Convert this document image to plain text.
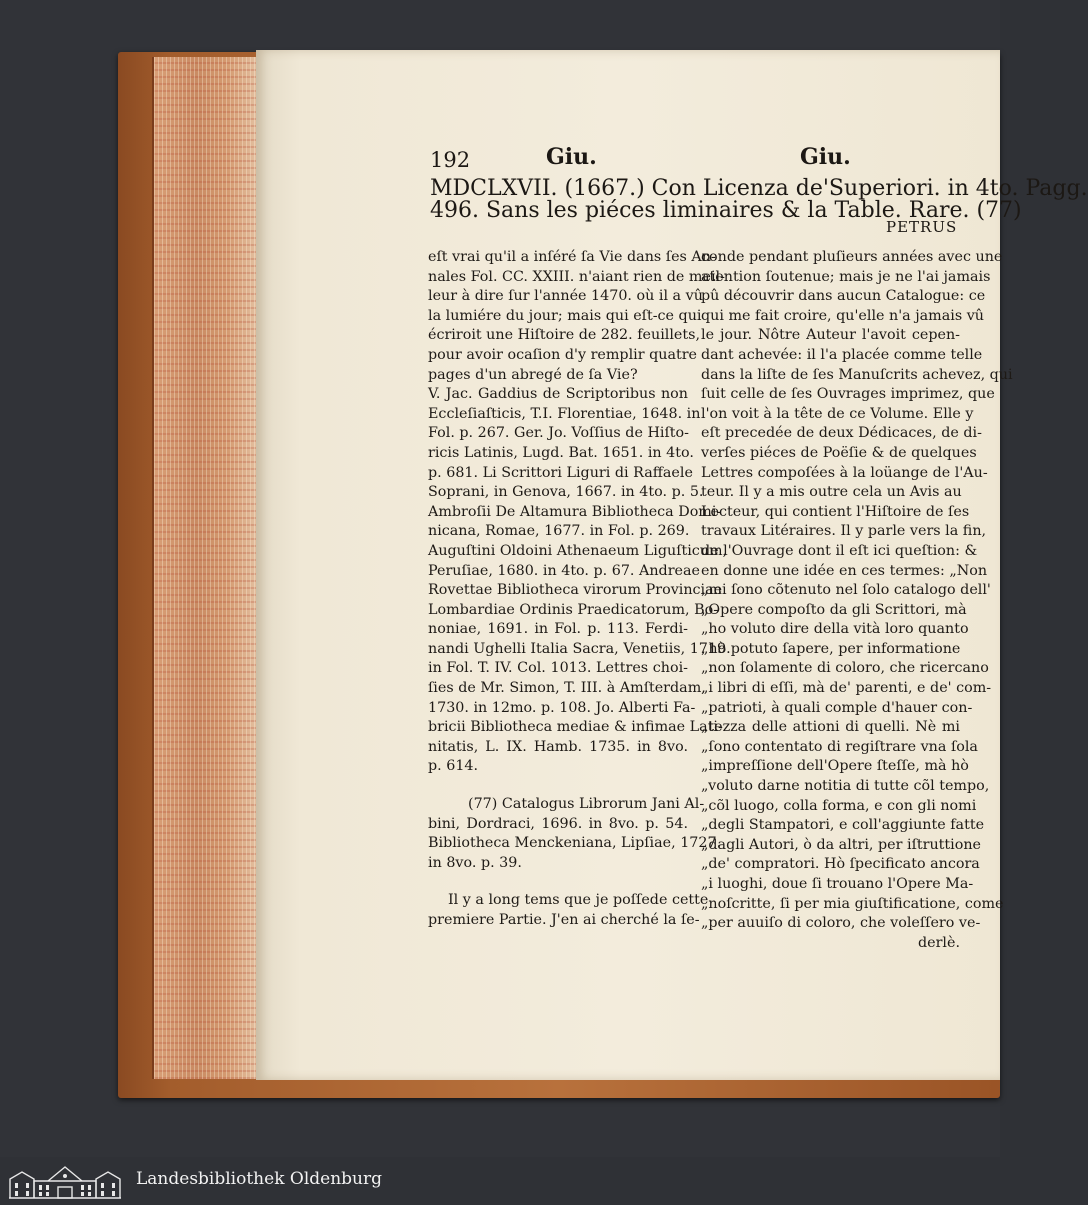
192	Giu.	Giu.
MDCLXVII. (1667.) Con Licenza de'Superiori. in 4to. Pagg.
496. Sans les piéces liminaires & la Table. Rare. (77)
PETRUS
eſt vrai qu'il a inſéré ſa Vie dans ſes An-
nales Fol. CC. XXIII. n'aiant rien de meil-
leur à dire ſur l'année 1470. où il a vû
la lumiére du jour; mais qui eſt-ce qui
écriroit une Hiſtoire de 282. feuillets,
pour avoir ocaſion d'y remplir quatre
pages d'un abregé de ſa Vie?
V. Jac. Gaddius de Scriptoribus non
Eccleſiaſticis, T.I. Florentiae, 1648. in
Fol. p. 267. Ger. Jo. Voſſius de Hiſto-
ricis Latinis, Lugd. Bat. 1651. in 4to.
p. 681. Li Scrittori Liguri di Raffaele
Soprani, in Genova, 1667. in 4to. p. 5.
Ambroſii De Altamura Bibliotheca Domi-
nicana, Romae, 1677. in Fol. p. 269.
Auguſtini Oldoini Athenaeum Liguſticum,
Peruſiae, 1680. in 4to. p. 67. Andreae
Rovettae Bibliotheca virorum Provinciae
Lombardiae Ordinis Praedicatorum, Bo-
noniae, 1691. in Fol. p. 113. Ferdi-
nandi Ughelli Italia Sacra, Venetiis, 1719.
in Fol. T. IV. Col. 1013. Lettres choi-
ſies de Mr. Simon, T. III. à Amſterdam,
1730. in 12mo. p. 108. Jo. Alberti Fa-
bricii Bibliotheca mediae & infimae Lati-
nitatis, L. IX. Hamb. 1735. in 8vo.
p. 614.
(77) Catalogus Librorum Jani Al-
bini, Dordraci, 1696. in 8vo. p. 54.
Bibliotheca Menckeniana, Lipſiae, 1727.
in 8vo. p. 39.
Il y a long tems que je poſſede cette
premiere Partie. J'en ai cherché la ſe-
conde pendant pluſieurs années avec une
atention ſoutenue; mais je ne l'ai jamais
pû découvrir dans aucun Catalogue: ce
qui me fait croire, qu'elle n'a jamais vû
le jour. Nôtre Auteur l'avoit cepen-
dant achevée: il l'a placée comme telle
dans la liſte de ſes Manuſcrits achevez, qui
ſuit celle de ſes Ouvrages imprimez, que
l'on voit à la tête de ce Volume. Elle y
eſt precedée de deux Dédicaces, de di-
verſes piéces de Poëſie & de quelques
Lettres compoſées à la loüange de l'Au-
teur. Il y a mis outre cela un Avis au
Lecteur, qui contient l'Hiſtoire de ſes
travaux Litéraires. Il y parle vers la fin,
de l'Ouvrage dont il eſt ici queſtion: &
en donne une idée en ces termes: „Non
„mi ſono cõtenuto nel ſolo catalogo dell'
„Opere compoſto da gli Scrittori, mà
„ho voluto dire della vità loro quanto
„hò potuto ſapere, per informatione
„non ſolamente di coloro, che ricercano
„i libri di eſſi, mà de' parenti, e de' com-
„patrioti, à quali comple d'hauer con-
„tezza delle attioni di quelli. Nè mi
„ſono contentato di regiſtrare vna ſola
„impreſſione dell'Opere ſteſſe, mà hò
„voluto darne notitia di tutte cõl tempo,
„cõl luogo, colla forma, e con gli nomi
„degli Stampatori, e coll'aggiunte fatte
„dagli Autori, ò da altri, per iſtruttione
„de' compratori. Hò ſpecificato ancora
„i luoghi, doue ſi trouano l'Opere Ma-
„noſcritte, ſi per mia giuſtificatione, come
„per auuiſo di coloro, che voleſſero ve-
derlè.
Landesbibliothek Oldenburg
